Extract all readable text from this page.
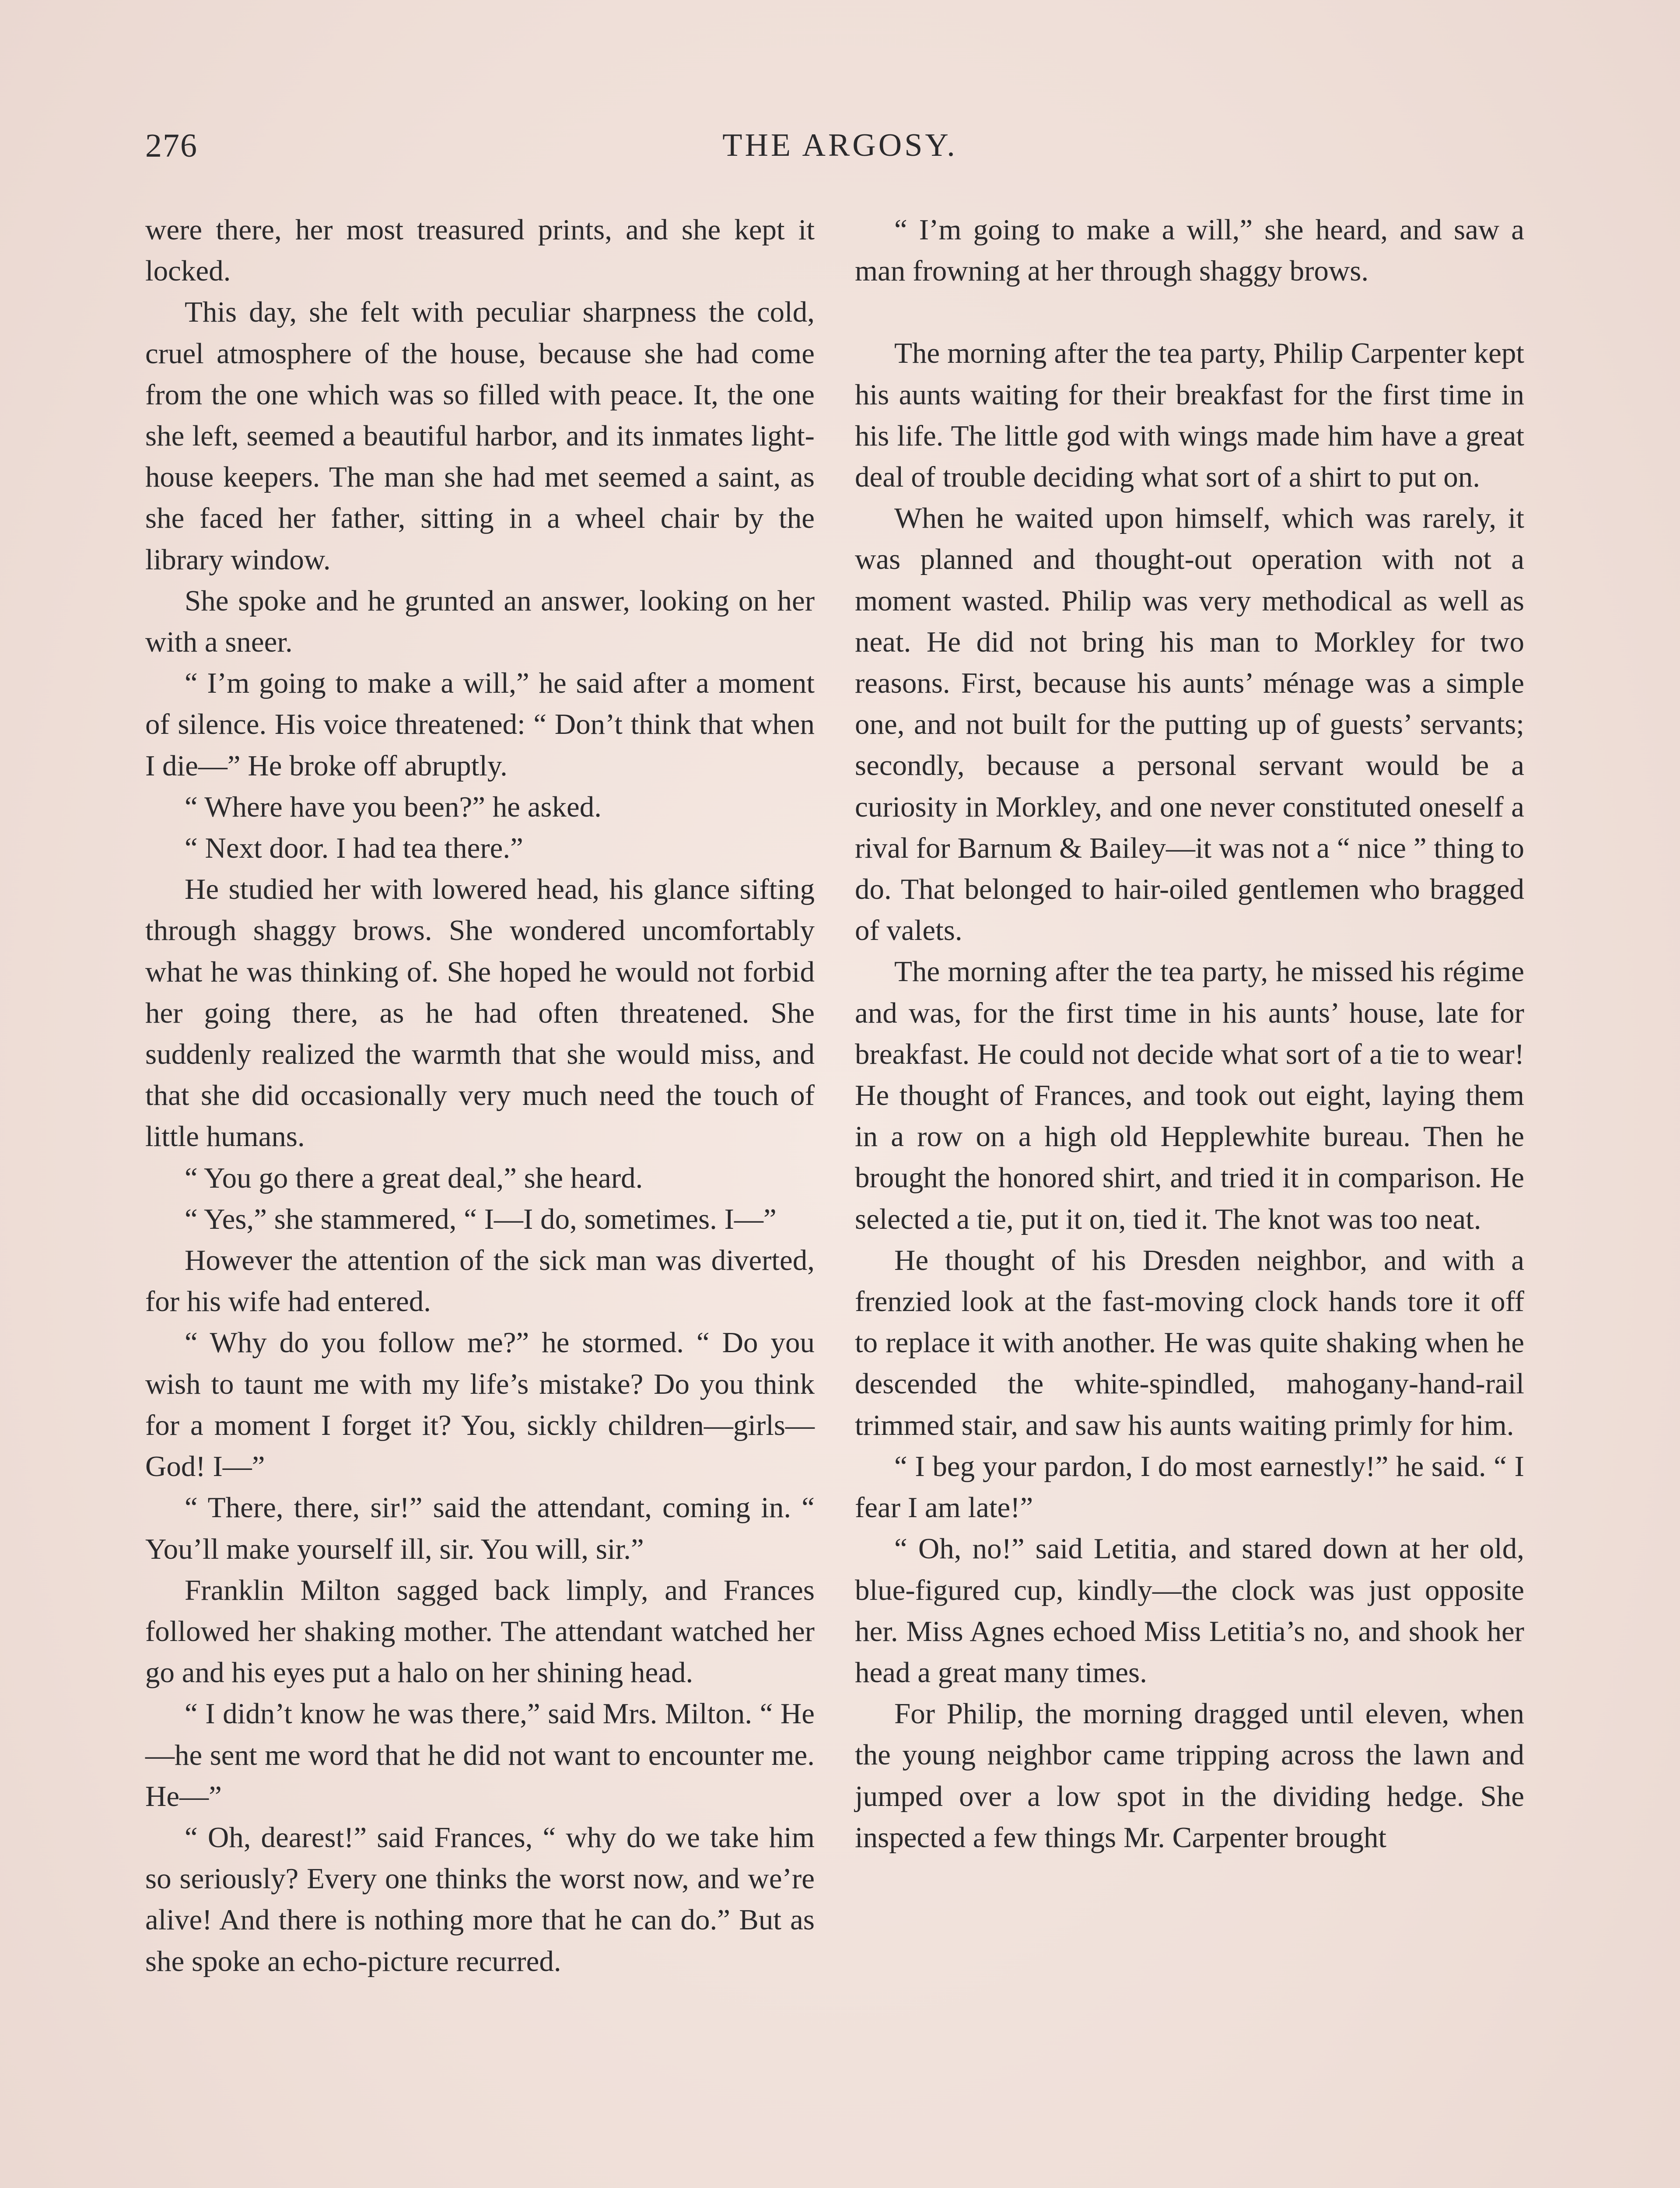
276	THE ARGOSY.

were there, her most treasured prints, and she kept it locked.

This day, she felt with peculiar sharpness the cold, cruel atmosphere of the house, because she had come from the one which was so filled with peace. It, the one she left, seemed a beautiful harbor, and its inmates light-house keepers. The man she had met seemed a saint, as she faced her father, sitting in a wheel chair by the library window.

She spoke and he grunted an answer, looking on her with a sneer.

“ I’m going to make a will,” he said after a moment of silence. His voice threatened: “ Don’t think that when I die—” He broke off abruptly.

“ Where have you been?” he asked.

“ Next door. I had tea there.”

He studied her with lowered head, his glance sifting through shaggy brows. She wondered uncomfortably what he was thinking of. She hoped he would not forbid her going there, as he had often threatened. She suddenly realized the warmth that she would miss, and that she did occasionally very much need the touch of little humans.

“ You go there a great deal,” she heard.

“ Yes,” she stammered, “ I—I do, sometimes. I—”

However the attention of the sick man was diverted, for his wife had entered.

“ Why do you follow me?” he stormed. “ Do you wish to taunt me with my life’s mistake? Do you think for a moment I forget it? You, sickly children—girls—God! I—”

“ There, there, sir!” said the attendant, coming in. “ You’ll make yourself ill, sir. You will, sir.”

Franklin Milton sagged back limply, and Frances followed her shaking mother. The attendant watched her go and his eyes put a halo on her shining head.

“ I didn’t know he was there,” said Mrs. Milton. “ He—he sent me word that he did not want to encounter me. He—”

“ Oh, dearest!” said Frances, “ why do we take him so seriously? Every one thinks the worst now, and we’re alive! And there is nothing more that he can do.” But as she spoke an echo-picture recurred.

“ I’m going to make a will,” she heard, and saw a man frowning at her through shaggy brows.

The morning after the tea party, Philip Carpenter kept his aunts waiting for their breakfast for the first time in his life. The little god with wings made him have a great deal of trouble deciding what sort of a shirt to put on.

When he waited upon himself, which was rarely, it was planned and thought-out operation with not a moment wasted. Philip was very methodical as well as neat. He did not bring his man to Morkley for two reasons. First, because his aunts’ ménage was a simple one, and not built for the putting up of guests’ servants; secondly, because a personal servant would be a curiosity in Morkley, and one never constituted oneself a rival for Barnum & Bailey—it was not a “ nice ” thing to do. That belonged to hair-oiled gentlemen who bragged of valets.

The morning after the tea party, he missed his régime and was, for the first time in his aunts’ house, late for breakfast. He could not decide what sort of a tie to wear! He thought of Frances, and took out eight, laying them in a row on a high old Hepplewhite bureau. Then he brought the honored shirt, and tried it in comparison. He selected a tie, put it on, tied it. The knot was too neat.

He thought of his Dresden neighbor, and with a frenzied look at the fast-moving clock hands tore it off to replace it with another. He was quite shaking when he descended the white-spindled, mahogany-hand-rail trimmed stair, and saw his aunts waiting primly for him.

“ I beg your pardon, I do most earnestly!” he said. “ I fear I am late!”

“ Oh, no!” said Letitia, and stared down at her old, blue-figured cup, kindly—the clock was just opposite her. Miss Agnes echoed Miss Letitia’s no, and shook her head a great many times.

For Philip, the morning dragged until eleven, when the young neighbor came tripping across the lawn and jumped over a low spot in the dividing hedge. She inspected a few things Mr. Carpenter brought
